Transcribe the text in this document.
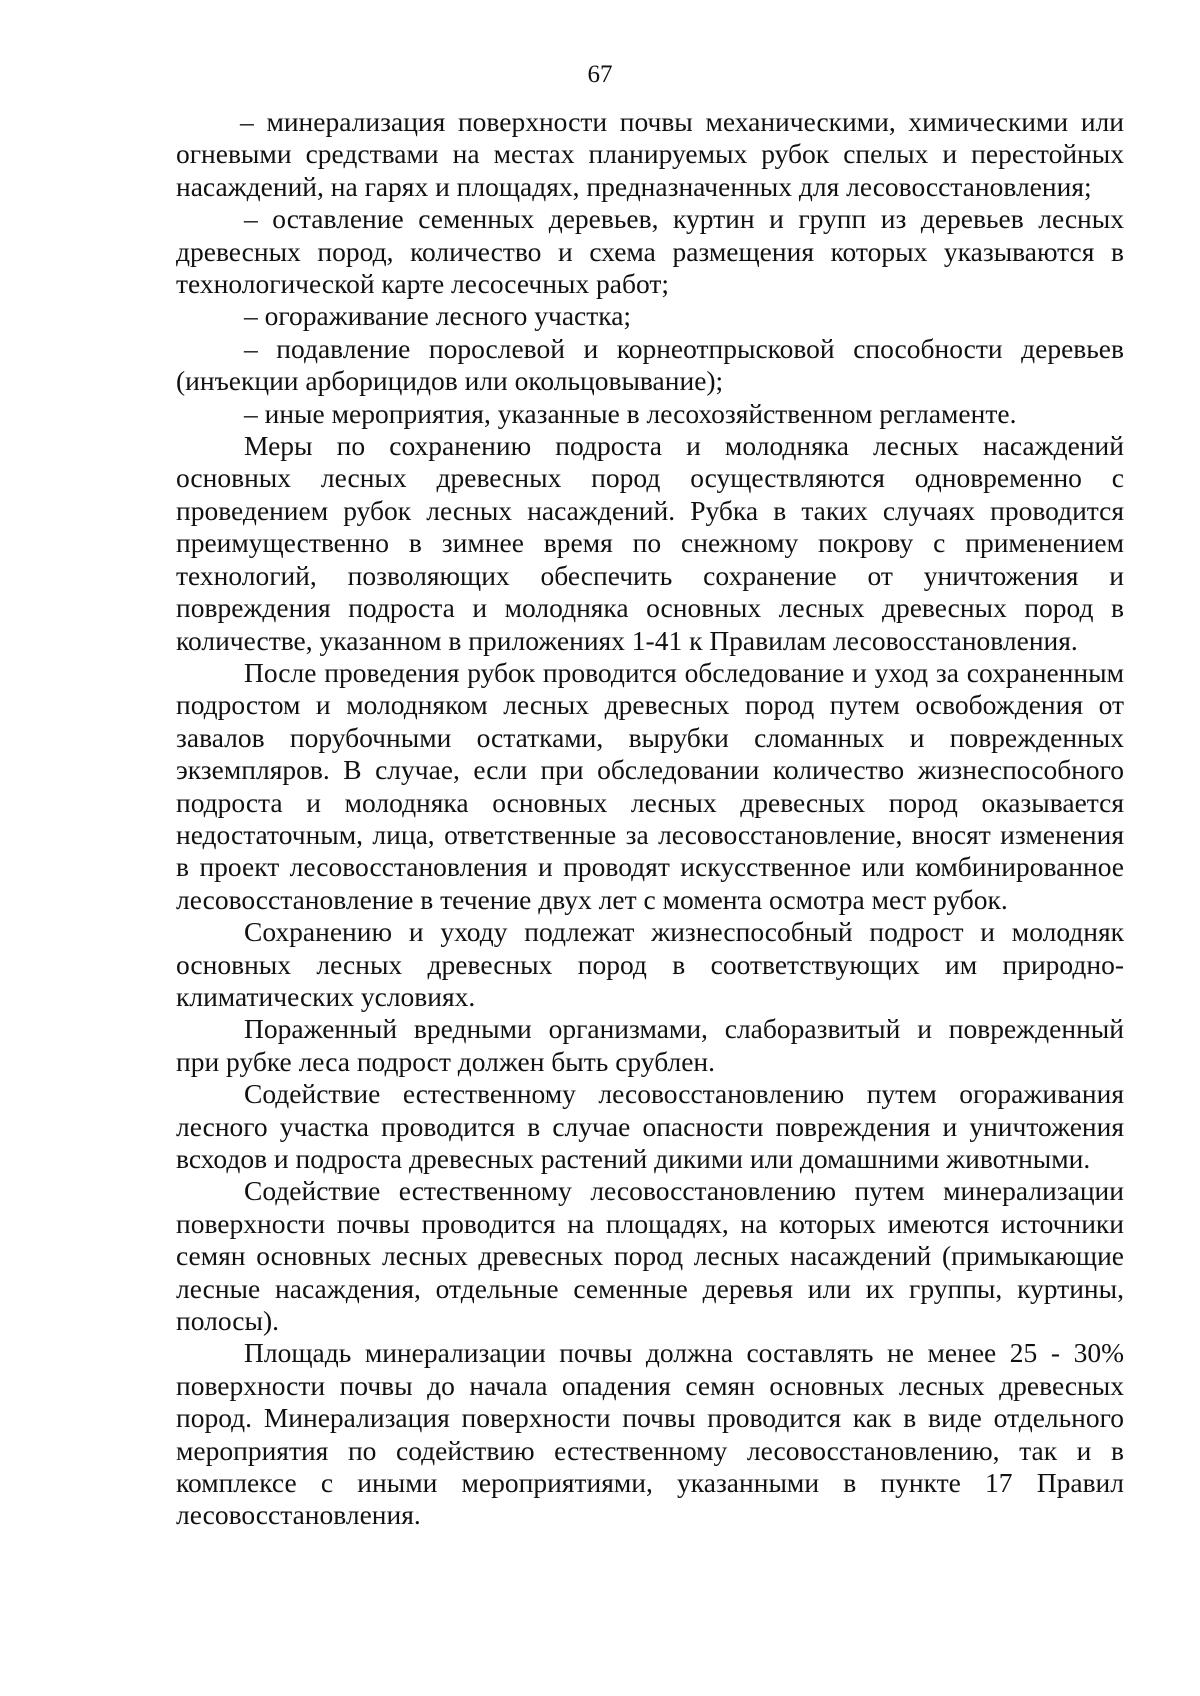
67

– минерализация поверхности почвы механическими, химическими или огневыми средствами на местах планируемых рубок спелых и перестойных насаждений, на гарях и площадях, предназначенных для лесовосстановления;

– оставление семенных деревьев, куртин и групп из деревьев лесных древесных пород, количество и схема размещения которых указываются в технологической карте лесосечных работ;

– огораживание лесного участка;

– подавление порослевой и корнеотпрысковой способности деревьев (инъекции арборицидов или окольцовывание);

– иные мероприятия, указанные в лесохозяйственном регламенте.

Меры по сохранению подроста и молодняка лесных насаждений основных лесных древесных пород осуществляются одновременно с проведением рубок лесных насаждений. Рубка в таких случаях проводится преимущественно в зимнее время по снежному покрову с применением технологий, позволяющих обеспечить сохранение от уничтожения и повреждения подроста и молодняка основных лесных древесных пород в количестве, указанном в приложениях 1-41 к Правилам лесовосстановления.

После проведения рубок проводится обследование и уход за сохраненным подростом и молодняком лесных древесных пород путем освобождения от завалов порубочными остатками, вырубки сломанных и поврежденных экземпляров. В случае, если при обследовании количество жизнеспособного подроста и молодняка основных лесных древесных пород оказывается недостаточным, лица, ответственные за лесовосстановление, вносят изменения в проект лесовосстановления и проводят искусственное или комбинированное лесовосстановление в течение двух лет с момента осмотра мест рубок.

Сохранению и уходу подлежат жизнеспособный подрост и молодняк основных лесных древесных пород в соответствующих им природно-климатических условиях.

Пораженный вредными организмами, слаборазвитый и поврежденный при рубке леса подрост должен быть срублен.

Содействие естественному лесовосстановлению путем огораживания лесного участка проводится в случае опасности повреждения и уничтожения всходов и подроста древесных растений дикими или домашними животными.

Содействие естественному лесовосстановлению путем минерализации поверхности почвы проводится на площадях, на которых имеются источники семян основных лесных древесных пород лесных насаждений (примыкающие лесные насаждения, отдельные семенные деревья или их группы, куртины, полосы).

Площадь минерализации почвы должна составлять не менее 25 - 30% поверхности почвы до начала опадения семян основных лесных древесных пород. Минерализация поверхности почвы проводится как в виде отдельного мероприятия по содействию естественному лесовосстановлению, так и в комплексе с иными мероприятиями, указанными в пункте 17 Правил лесовосстановления.
